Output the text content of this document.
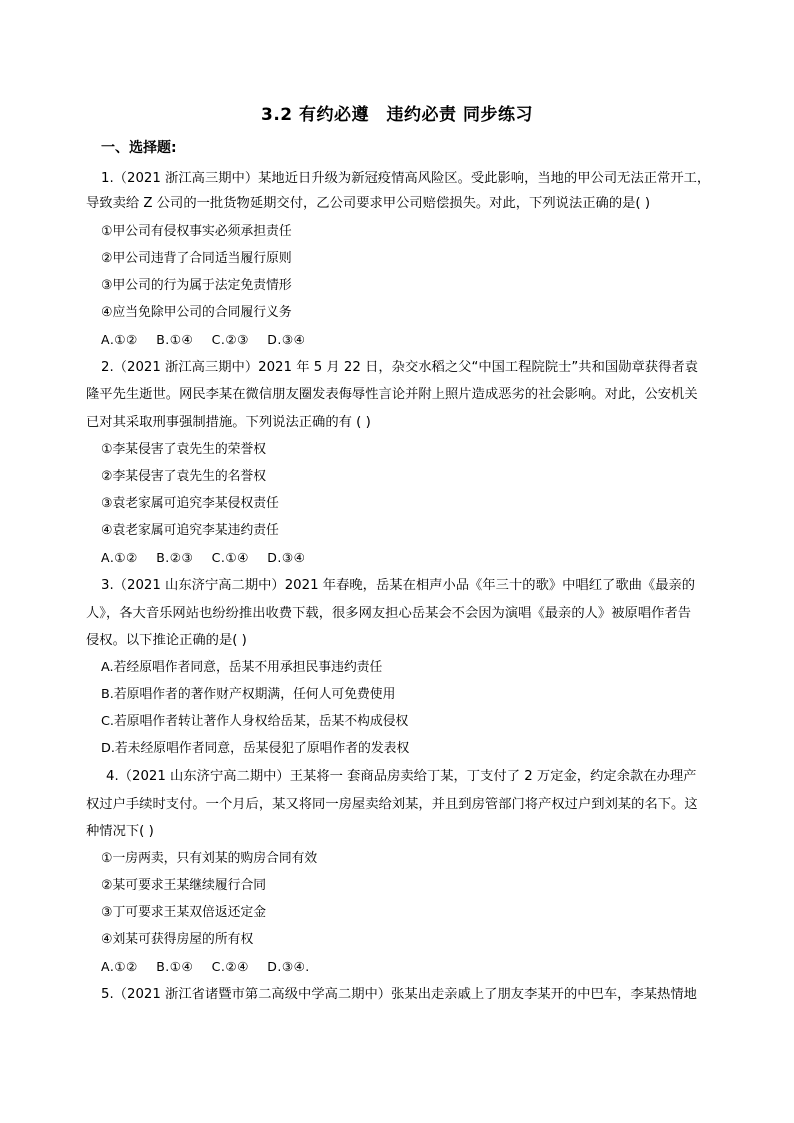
3.2 有约必遵　违约必责 同步练习
一、选择题:
1.（2021 浙江高三期中）某地近日升级为新冠疫情高风险区。受此影响，当地的甲公司无法正常开工，
导致卖给 Z 公司的一批货物延期交付，乙公司要求甲公司赔偿损失。对此，下列说法正确的是( )
①甲公司有侵权事实必须承担责任
②甲公司违背了合同适当履行原则
③甲公司的行为属于法定免责情形
④应当免除甲公司的合同履行义务
A.①② B.①④ C.②③ D.③④
2.（2021 浙江高三期中）2021 年 5 月 22 日，杂交水稻之父“中国工程院院士”共和国勋章获得者袁
隆平先生逝世。网民李某在微信朋友圈发表侮辱性言论并附上照片造成恶劣的社会影响。对此，公安机关
已对其采取刑事强制措施。下列说法正确的有 ( )
①李某侵害了袁先生的荣誉权
②李某侵害了袁先生的名誉权
③袁老家属可追究李某侵权责任
④袁老家属可追究李某违约责任
A.①② B.②③ C.①④ D.③④
3.（2021 山东济宁高二期中）2021 年春晚，岳某在相声小品《年三十的歌》中唱红了歌曲《最亲的
人》，各大音乐网站也纷纷推出收费下载，很多网友担心岳某会不会因为演唱《最亲的人》被原唱作者告
侵权。以下推论正确的是( )
A.若经原唱作者同意，岳某不用承担民事违约责任
B.若原唱作者的著作财产权期满，任何人可免费使用
C.若原唱作者转让著作人身权给岳某，岳某不构成侵权
D.若未经原唱作者同意，岳某侵犯了原唱作者的发表权
4.（2021 山东济宁高二期中）王某将一 套商品房卖给丁某，丁支付了 2 万定金，约定余款在办理产
权过户手续时支付。一个月后，某又将同一房屋卖给刘某，并且到房管部门将产权过户到刘某的名下。这
种情况下( )
①一房两卖，只有刘某的购房合同有效
②某可要求王某继续履行合同
③丁可要求王某双倍返还定金
④刘某可获得房屋的所有权
A.①② B.①④ C.②④ D.③④.
5.（2021 浙江省诸暨市第二高级中学高二期中）张某出走亲戚上了朋友李某开的中巴车，李某热情地
